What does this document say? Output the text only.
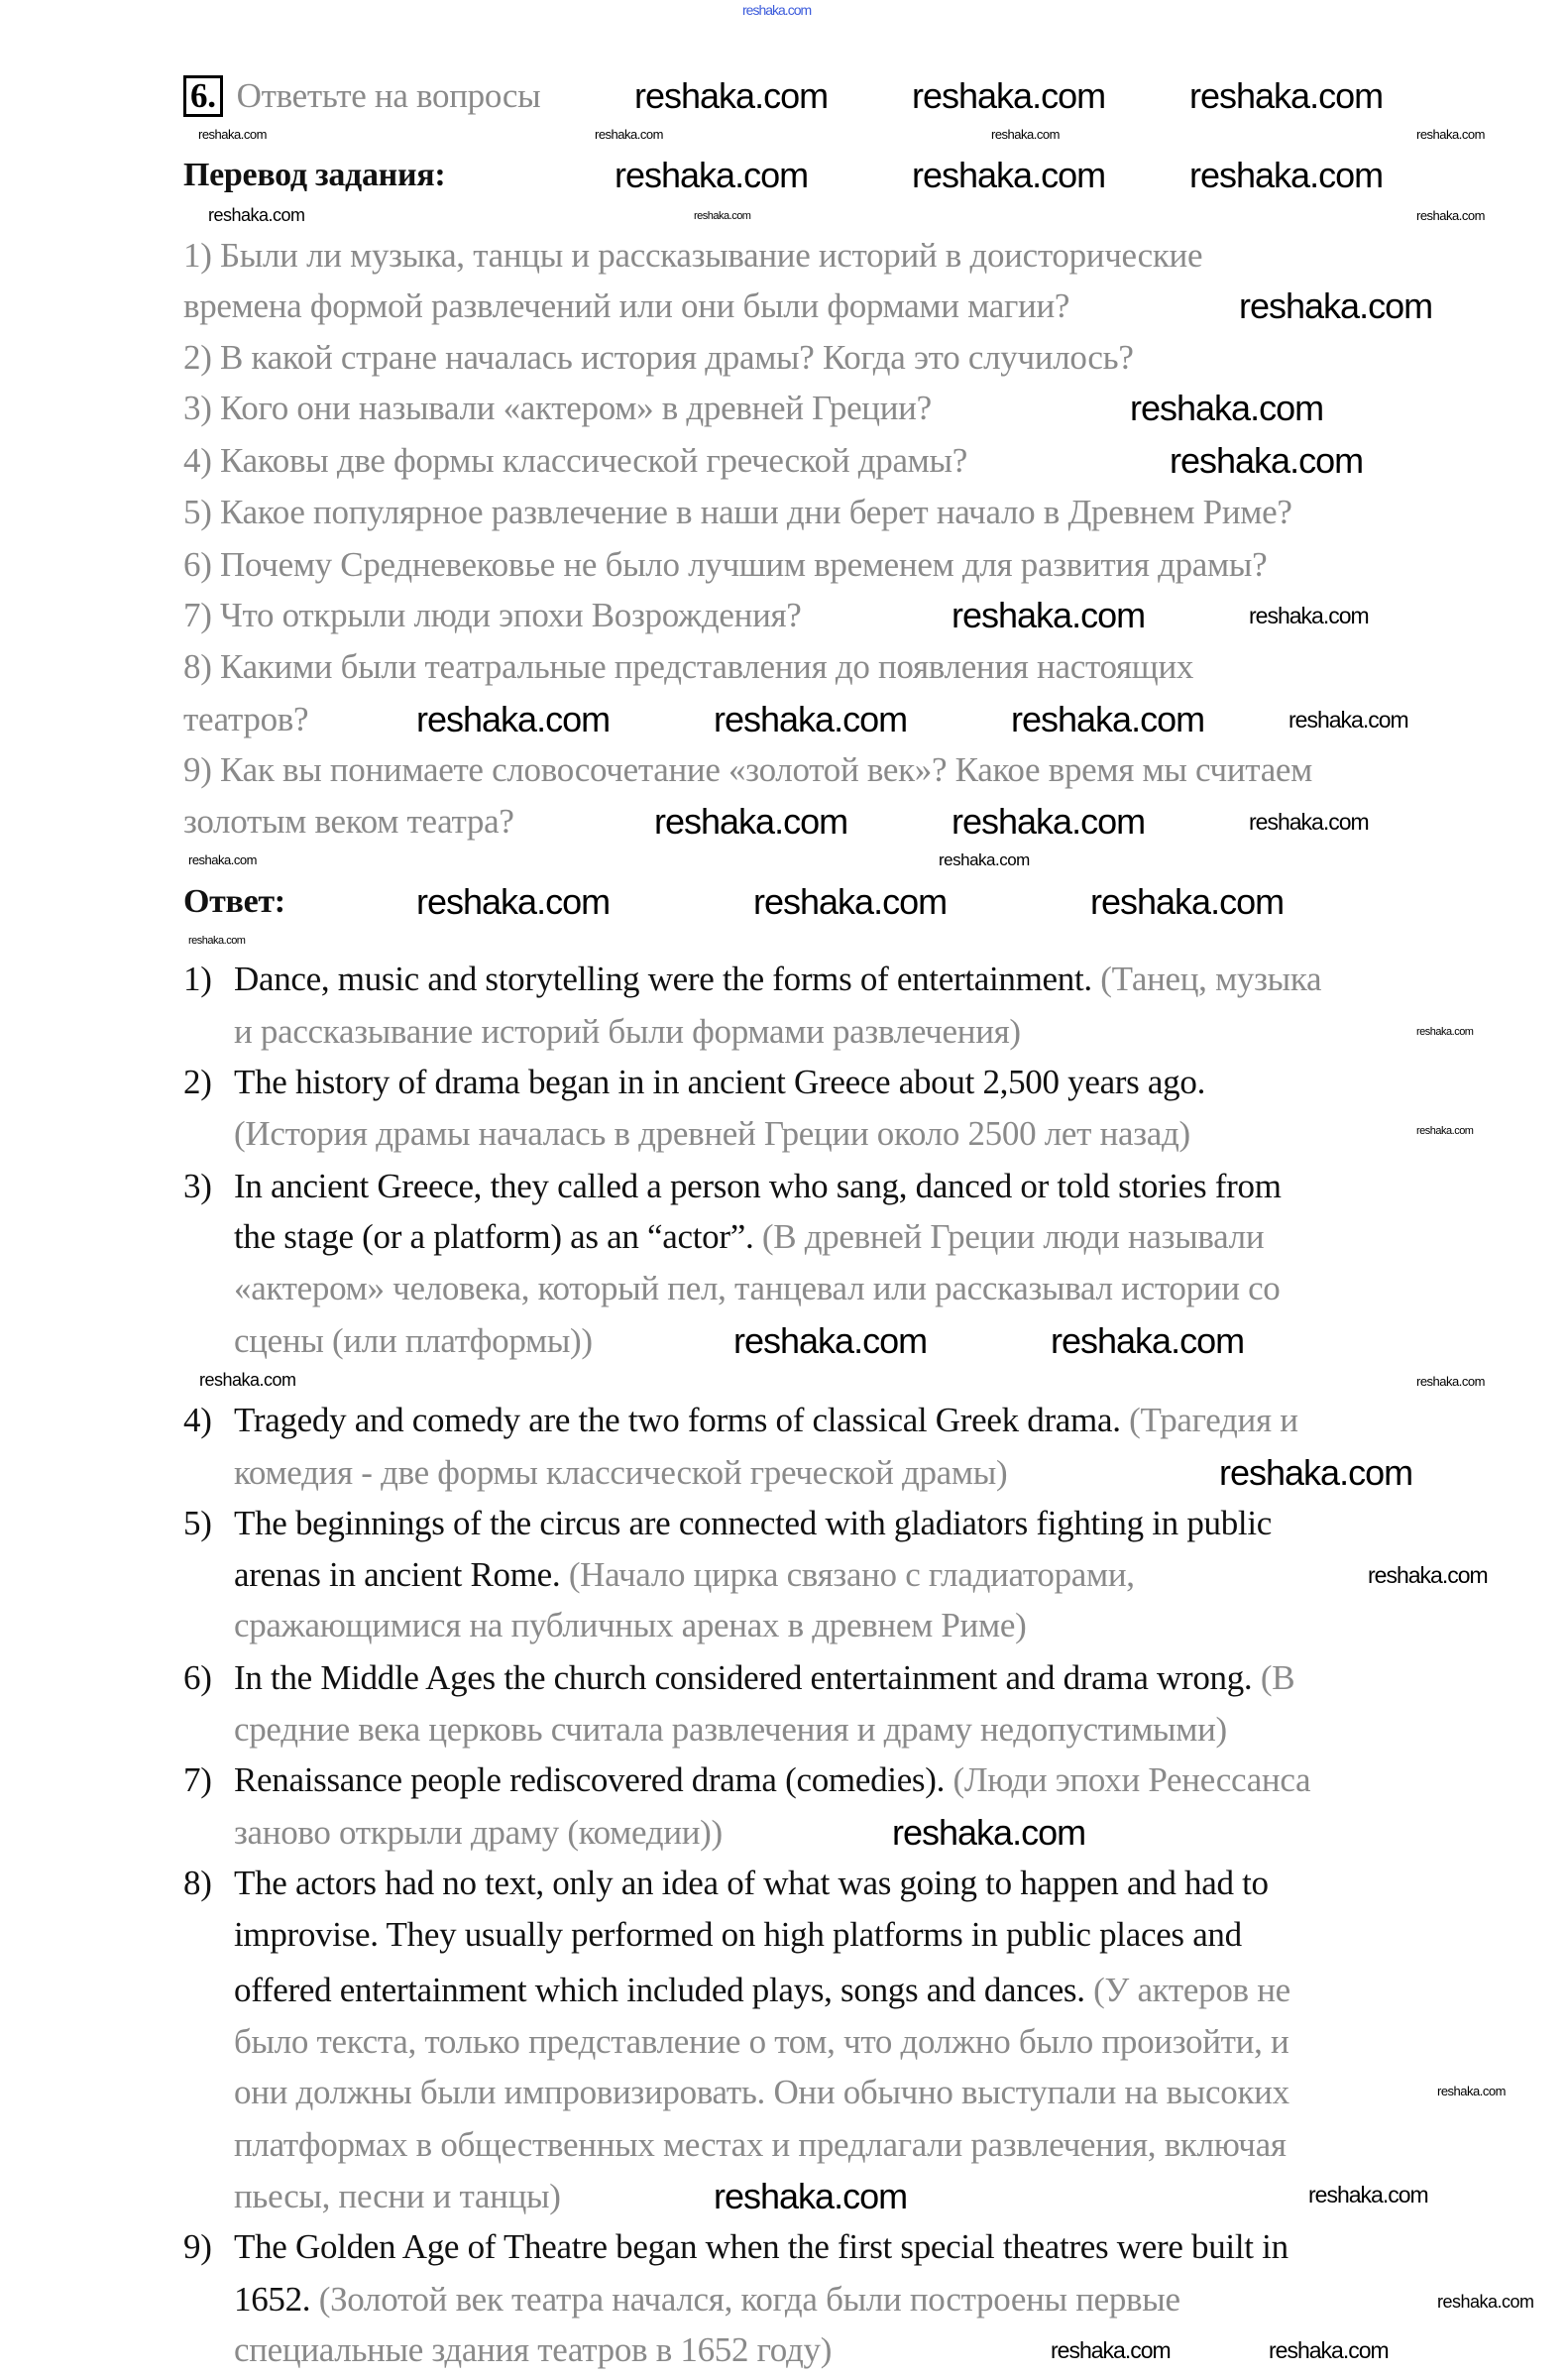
6. Ответьте на вопросы
Перевод задания:
1) Были ли музыка, танцы и рассказывание историй в доисторические
времена формой развлечений или они были формами магии?
2) В какой стране началась история драмы? Когда это случилось?
3) Кого они называли «актером» в древней Греции?
4) Каковы две формы классической греческой драмы?
5) Какое популярное развлечение в наши дни берет начало в Древнем Риме?
6) Почему Средневековье не было лучшим временем для развития драмы?
7) Что открыли люди эпохи Возрождения?
8) Какими были театральные представления до появления настоящих
театров?
9) Как вы понимаете словосочетание «золотой век»? Какое время мы считаем
золотым веком театра?
Ответ:
1) Dance, music and storytelling were the forms of entertainment. (Танец, музыка
и рассказывание историй были формами развлечения)
2) The history of drama began in in ancient Greece about 2,500 years ago.
(История драмы началась в древней Греции около 2500 лет назад)
3) In ancient Greece, they called a person who sang, danced or told stories from
the stage (or a platform) as an “actor”. (В древней Греции люди называли
«актером» человека, который пел, танцевал или рассказывал истории со
сцены (или платформы))
4) Tragedy and comedy are the two forms of classical Greek drama. (Трагедия и
комедия - две формы классической греческой драмы)
5) The beginnings of the circus are connected with gladiators fighting in public
arenas in ancient Rome. (Начало цирка связано с гладиаторами,
сражающимися на публичных аренах в древнем Риме)
6) In the Middle Ages the church considered entertainment and drama wrong. (В
средние века церковь считала развлечения и драму недопустимыми)
7) Renaissance people rediscovered drama (comedies). (Люди эпохи Ренессанса
заново открыли драму (комедии))
8) The actors had no text, only an idea of what was going to happen and had to
improvise. They usually performed on high platforms in public places and
offered entertainment which included plays, songs and dances. (У актеров не
было текста, только представление о том, что должно было произойти, и
они должны были импровизировать. Они обычно выступали на высоких
платформах в общественных местах и предлагали развлечения, включая
пьесы, песни и танцы)
9) The Golden Age of Theatre began when the first special theatres were built in
1652. (Золотой век театра начался, когда были построены первые
специальные здания театров в 1652 году)
reshaka.com
reshaka.com reshaka.com reshaka.com
reshaka.com	reshaka.com reshaka.com
reshaka.com
reshaka.com
reshaka.com
reshaka.com
reshaka.com	reshaka.com	reshaka.com
reshaka.com	reshaka.com
reshaka.com	reshaka.com	reshaka.com
reshaka.com	reshaka.com
reshaka.com
reshaka.com
reshaka.com	reshaka.com
reshaka.com	reshaka.com
reshaka.com
reshaka.com
reshaka.com
reshaka.com
reshaka.com	reshaka.com	reshaka.com	reshaka.com
reshaka.com	reshaka.com	reshaka.com
reshaka.com	reshaka.com
reshaka.com
reshaka.com	reshaka.com
reshaka.com
reshaka.com
reshaka.com
reshaka.com
